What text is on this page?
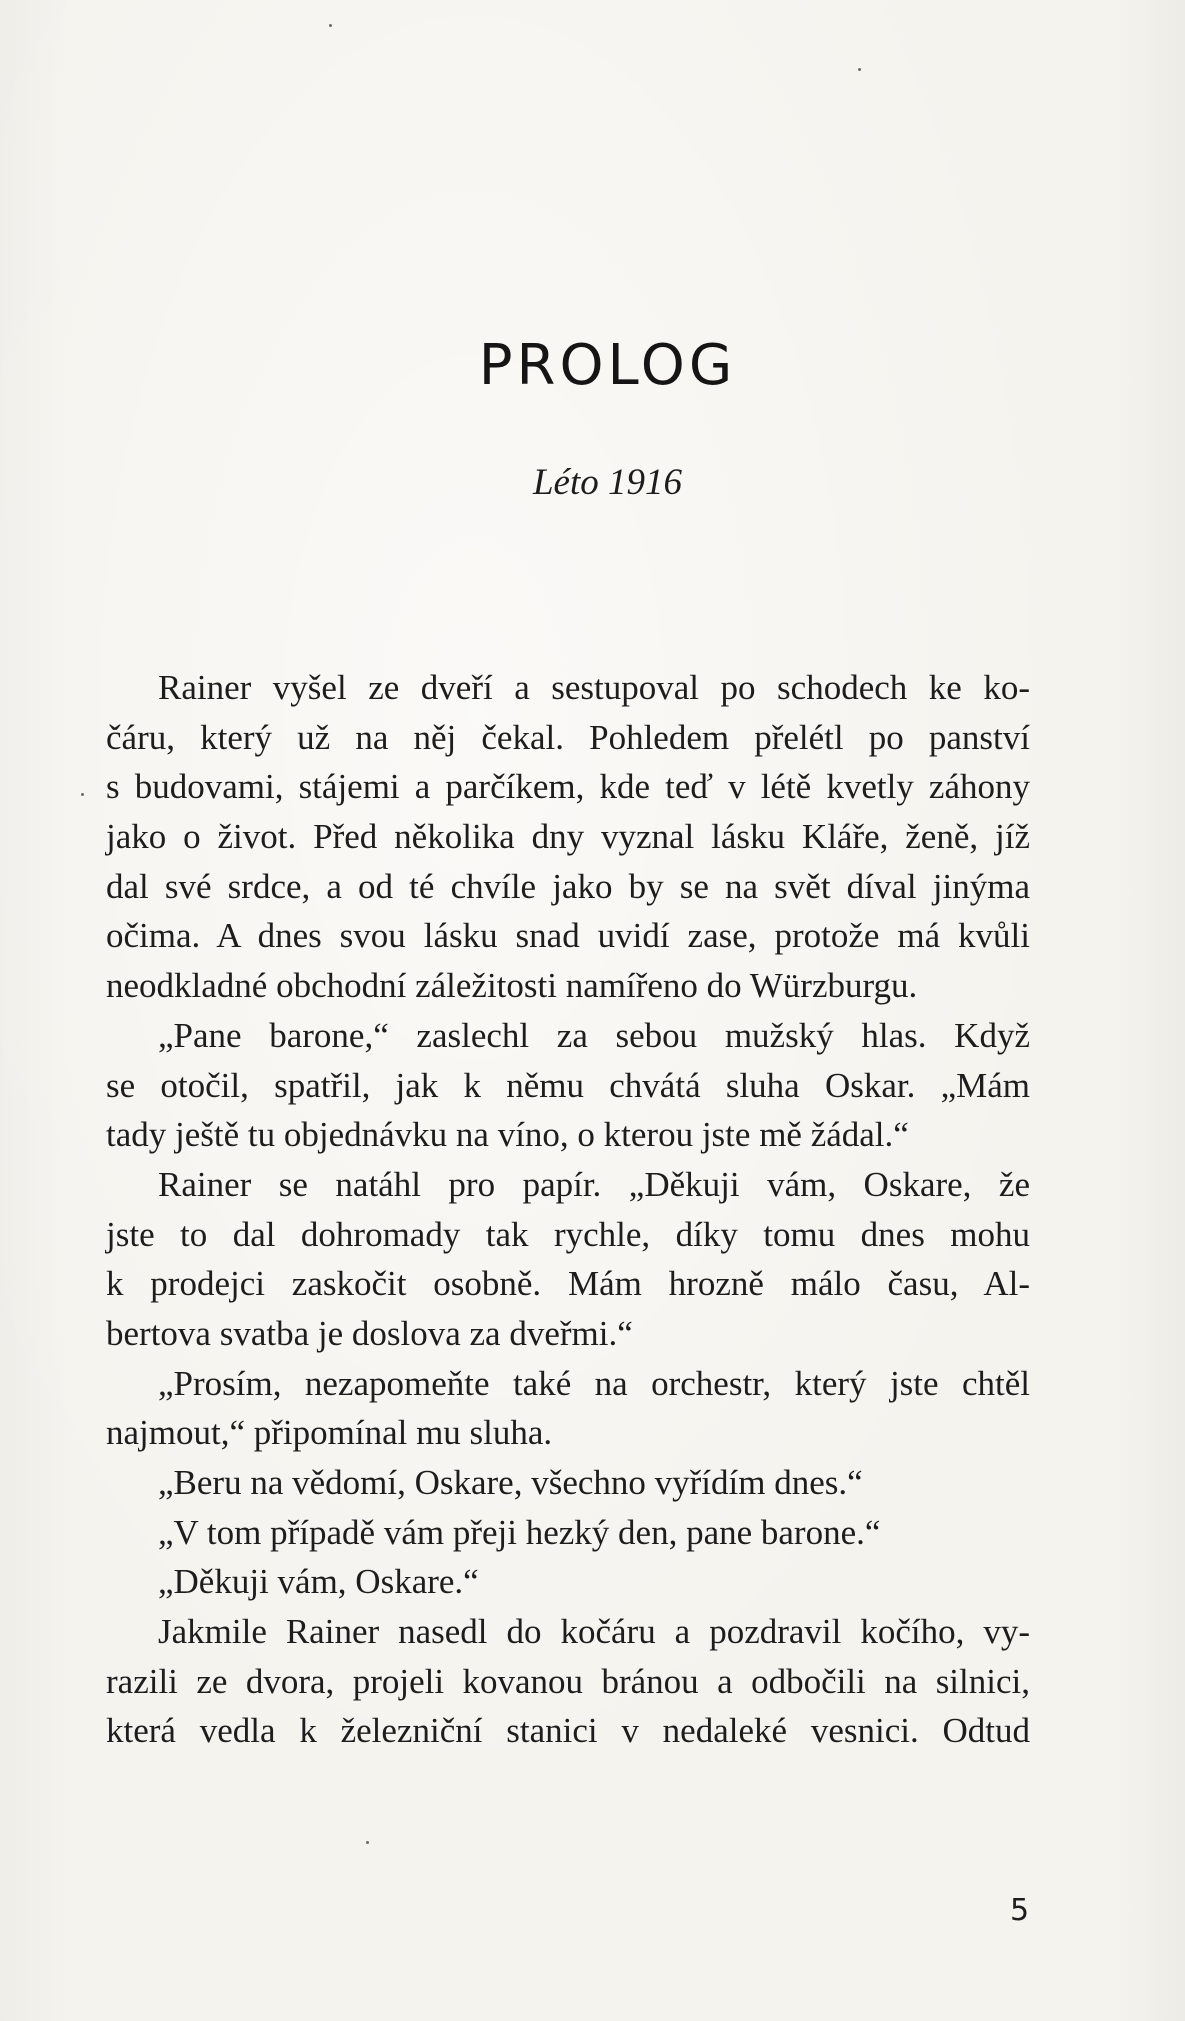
PROLOG

Léto 1916

Rainer vyšel ze dveří a sestupoval po schodech ke ko-
čáru, který už na něj čekal. Pohledem přelétl po panství
s budovami, stájemi a parčíkem, kde teď v létě kvetly záhony
jako o život. Před několika dny vyznal lásku Kláře, ženě, jíž
dal své srdce, a od té chvíle jako by se na svět díval jinýma
očima. A dnes svou lásku snad uvidí zase, protože má kvůli
neodkladné obchodní záležitosti namířeno do Würzburgu.
„Pane barone,“ zaslechl za sebou mužský hlas. Když
se otočil, spatřil, jak k němu chvátá sluha Oskar. „Mám
tady ještě tu objednávku na víno, o kterou jste mě žádal.“
Rainer se natáhl pro papír. „Děkuji vám, Oskare, že
jste to dal dohromady tak rychle, díky tomu dnes mohu
k prodejci zaskočit osobně. Mám hrozně málo času, Al-
bertova svatba je doslova za dveřmi.“
„Prosím, nezapomeňte také na orchestr, který jste chtěl
najmout,“ připomínal mu sluha.
„Beru na vědomí, Oskare, všechno vyřídím dnes.“
„V tom případě vám přeji hezký den, pane barone.“
„Děkuji vám, Oskare.“
Jakmile Rainer nasedl do kočáru a pozdravil kočího, vy-
razili ze dvora, projeli kovanou bránou a odbočili na silnici,
která vedla k železniční stanici v nedaleké vesnici. Odtud
5
